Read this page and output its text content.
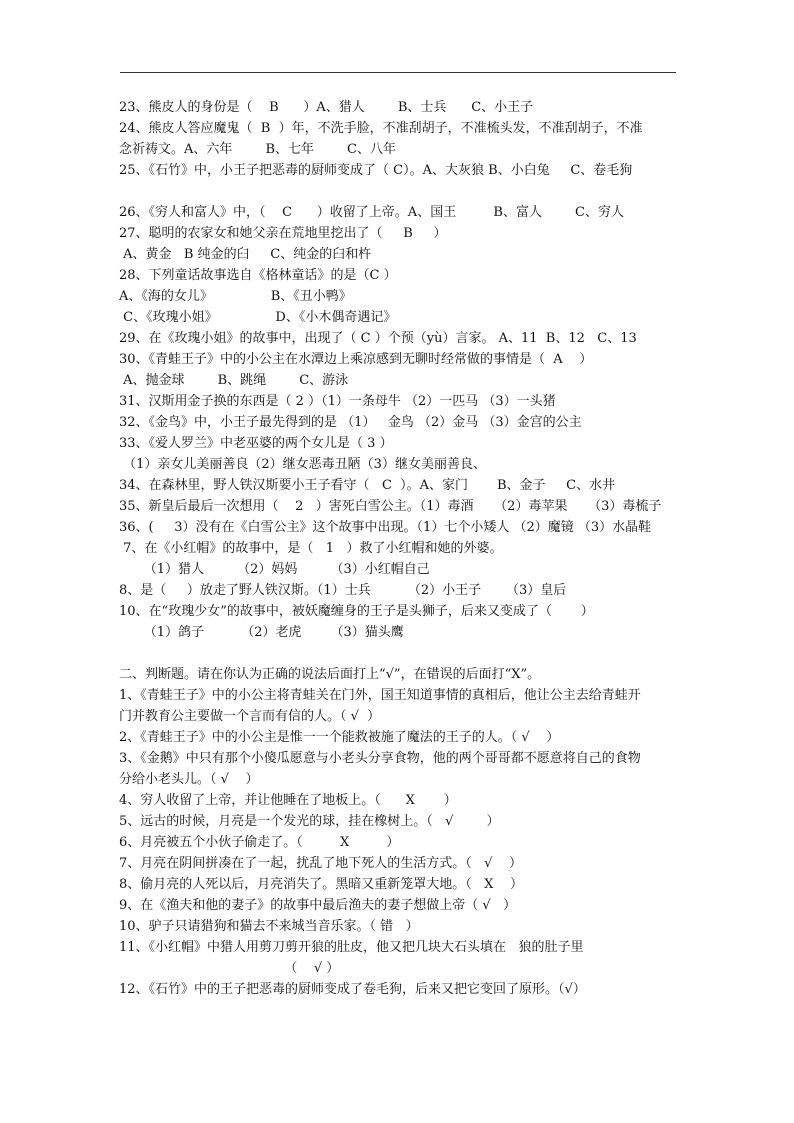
23、熊皮人的身份是（    B      ）A、猎人        B、士兵      C、小王子
24、熊皮人答应魔鬼（  B  ）年，不洗手脸，不准刮胡子，不准梳头发，不准刮胡子，不准
念祈祷文。A、六年        B、七年        C、八年
25、《石竹》中，小王子把恶毒的厨师变成了（ C）。A、大灰狼 B、小白兔     C、卷毛狗
26、《穷人和富人》中，（    C      ）收留了上帝。A、国王         B、富人        C、穷人
27、聪明的农家女和她父亲在荒地里挖出了（     B     ）
A、黄金   B 纯金的臼     C、纯金的臼和杵
28、下列童话故事选自《格林童话》的是（C ）
A、《海的女儿》              B、《丑小鸭》
C、《玫瑰小姐》              D、《小木偶奇遇记》
29、在《玫瑰小姐》的故事中，出现了（ C ）个预（yù）言家。 A、11  B、12   C、13
30、《青蛙王子》中的小公主在水潭边上乘凉感到无聊时经常做的事情是（  A    ）
A、抛金球        B、跳绳        C、游泳
31、汉斯用金子换的东西是（ 2 ）（1）一条母牛 （2）一匹马 （3）一头猪
32、《金鸟》中，小王子最先得到的是 （1）   金鸟 （2）金马 （3）金宫的公主
33、《爱人罗兰》中老巫婆的两个女儿是（ 3 ）
（1）亲女儿美丽善良（2）继女恶毒丑陋（3）继女美丽善良、
34、在森林里，野人铁汉斯要小王子看守（   C  ）。A、家门       B、金子     C、水井
35、新皇后最后一次想用（    2   ）害死白雪公主。（1）毒酒     （2）毒苹果     （3）毒梳子
36、(     3）没有在《白雪公主》这个故事中出现。（1）七个小矮人 （2）魔镜 （3）水晶鞋
7、在《小红帽》的故事中，是（   1   ）救了小红帽和她的外婆。
（1）猎人        （2）妈妈        （3）小红帽自己
8、是（     ）放走了野人铁汉斯。（1）士兵         （2）小王子      （3）皇后
10、在“玫瑰少女”的故事中，被妖魔缠身的王子是头狮子，后来又变成了（       ）
（1）鸽子         （2）老虎       （3）猫头鹰
二、判断题。请在你认为正确的说法后面打上“√”，在错误的后面打“X”。
1、《青蛙王子》中的小公主将青蛙关在门外，国王知道事情的真相后，他让公主去给青蛙开
门并教育公主要做一个言而有信的人。（ √  ）
2、《青蛙王子》中的小公主是惟一一个能救被施了魔法的王子的人。（ √    ）
3、《金鹅》中只有那个小傻瓜愿意与小老头分享食物，他的两个哥哥都不愿意将自己的食物
分给小老头儿。（ √    ）
4、穷人收留了上帝，并让他睡在了地板上。（      X       ）
5、远古的时候，月亮是一个发光的球，挂在橡树上。（   √        ）
6、月亮被五个小伙子偷走了。（         X         ）
7、月亮在阴间拼凑在了一起，扰乱了地下死人的生活方式。（   √    ）
8、偷月亮的人死以后，月亮消失了。黑暗又重新笼罩大地。（   X    ）
9、在《渔夫和他的妻子》的故事中最后渔夫的妻子想做上帝（ √   ）
10、驴子只请猎狗和猫去不来城当音乐家。（ 错   ）
11、《小红帽》中猎人用剪刀剪开狼的肚皮，他又把几块大石头填在   狼的肚子里
（    √ ）
12、《石竹》中的王子把恶毒的厨师变成了卷毛狗，后来又把它变回了原形。（√）
